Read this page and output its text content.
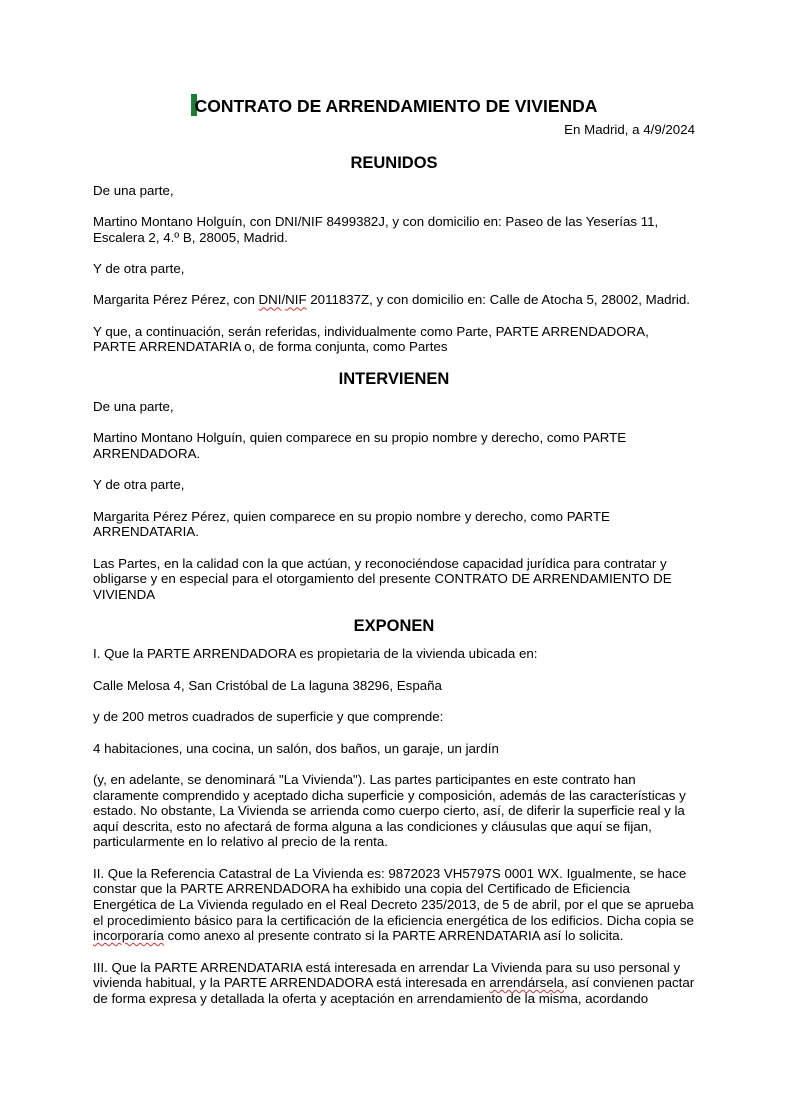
CONTRATO DE ARRENDAMIENTO DE VIVIENDA
En Madrid, a 4/9/2024
REUNIDOS

De una parte,

Martino Montano Holguín, con DNI/NIF 8499382J, y con domicilio en: Paseo de las Yeserías 11, Escalera 2, 4.º B, 28005, Madrid.

Y de otra parte,

Margarita Pérez Pérez, con DNI/NIF 2011837Z, y con domicilio en: Calle de Atocha 5, 28002, Madrid.

Y que, a continuación, serán referidas, individualmente como Parte, PARTE ARRENDADORA, PARTE ARRENDATARIA o, de forma conjunta, como Partes

INTERVIENEN

De una parte,

Martino Montano Holguín, quien comparece en su propio nombre y derecho, como PARTE ARRENDADORA.

Y de otra parte,

Margarita Pérez Pérez, quien comparece en su propio nombre y derecho, como PARTE ARRENDATARIA.

Las Partes, en la calidad con la que actúan, y reconociéndose capacidad jurídica para contratar y obligarse y en especial para el otorgamiento del presente CONTRATO DE ARRENDAMIENTO DE VIVIENDA

EXPONEN

I. Que la PARTE ARRENDADORA es propietaria de la vivienda ubicada en:

Calle Melosa 4, San Cristóbal de La laguna 38296, España

y de 200 metros cuadrados de superficie y que comprende:

4 habitaciones, una cocina, un salón, dos baños, un garaje, un jardín

(y, en adelante, se denominará "La Vivienda"). Las partes participantes en este contrato han claramente comprendido y aceptado dicha superficie y composición, además de las características y estado. No obstante, La Vivienda se arrienda como cuerpo cierto, así, de diferir la superficie real y la aquí descrita, esto no afectará de forma alguna a las condiciones y cláusulas que aquí se fijan, particularmente en lo relativo al precio de la renta.

II. Que la Referencia Catastral de La Vivienda es: 9872023 VH5797S 0001 WX. Igualmente, se hace constar que la PARTE ARRENDADORA ha exhibido una copia del Certificado de Eficiencia Energética de La Vivienda regulado en el Real Decreto 235/2013, de 5 de abril, por el que se aprueba el procedimiento básico para la certificación de la eficiencia energética de los edificios. Dicha copia se incorporaría como anexo al presente contrato si la PARTE ARRENDATARIA así lo solicita.

III. Que la PARTE ARRENDATARIA está interesada en arrendar La Vivienda para su uso personal y vivienda habitual, y la PARTE ARRENDADORA está interesada en arrendársela, así convienen pactar de forma expresa y detallada la oferta y aceptación en arrendamiento de la misma, acordando
